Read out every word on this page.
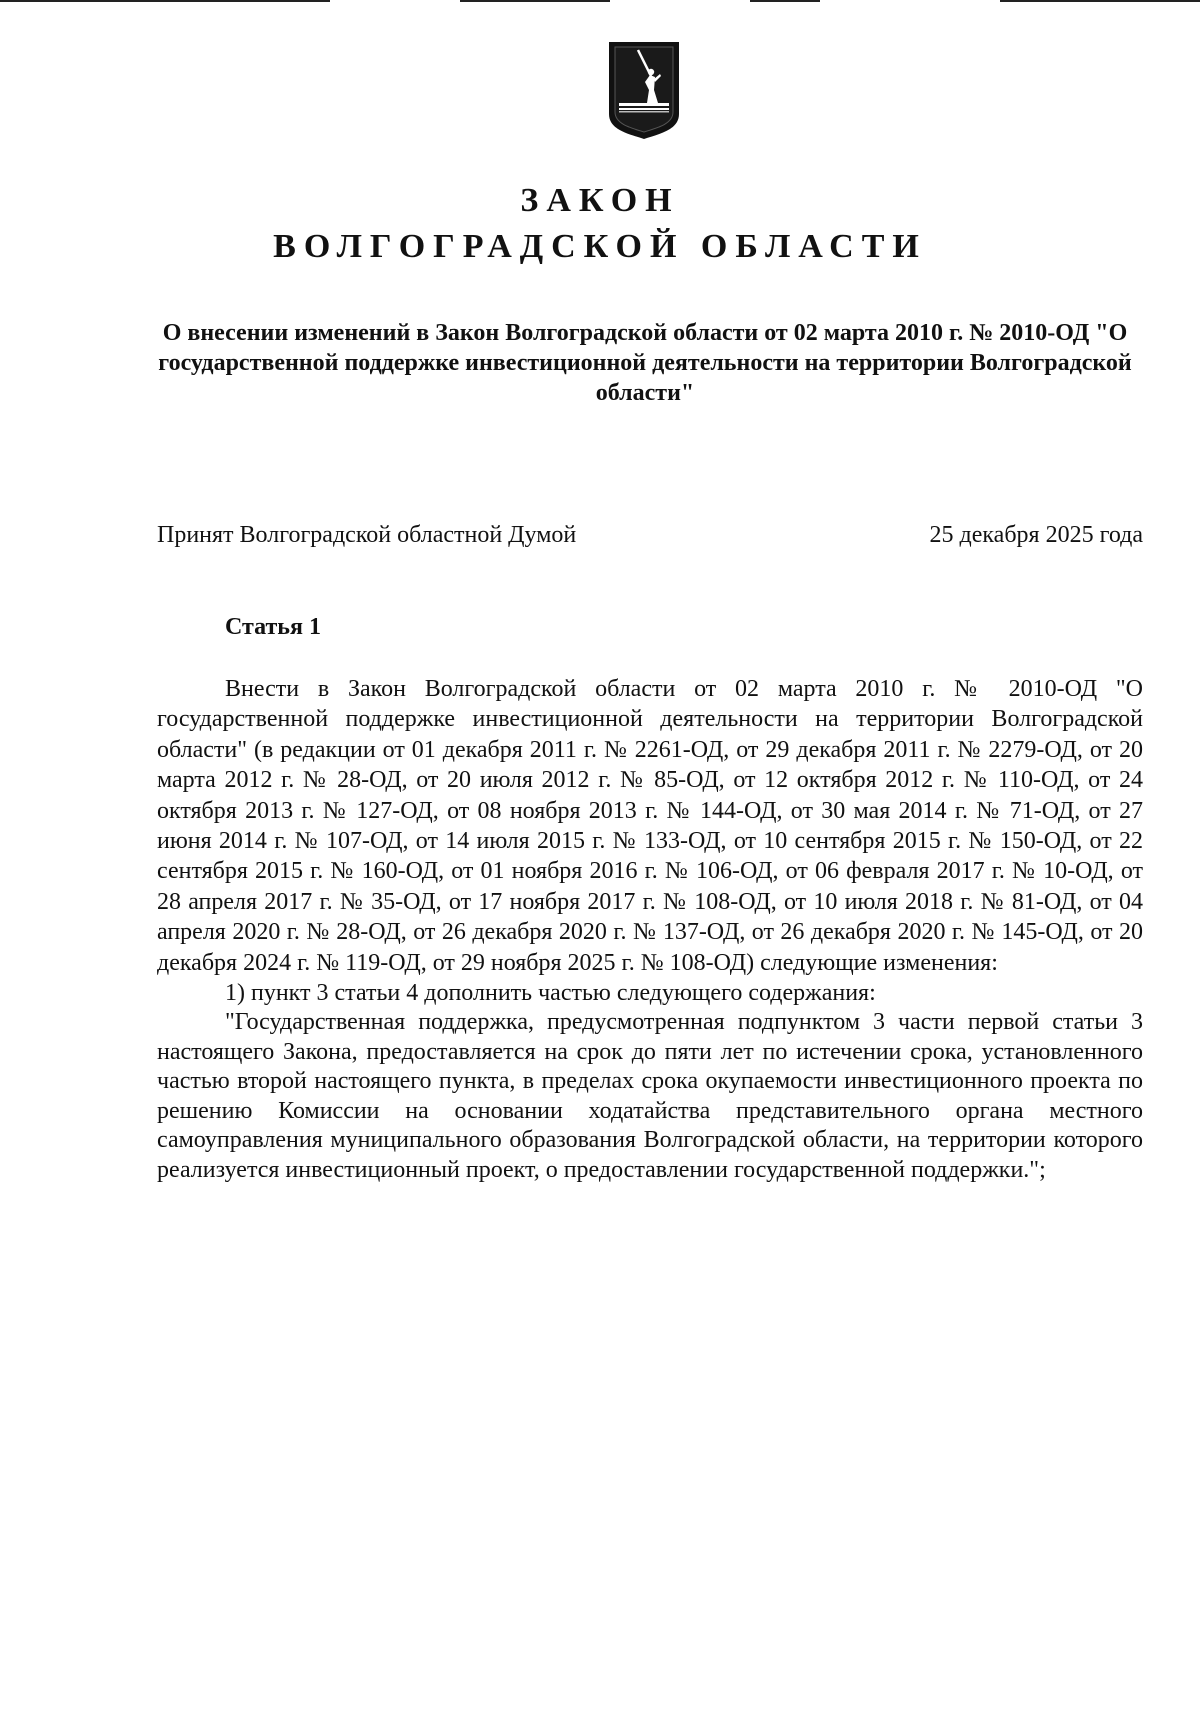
ЗАКОН
ВОЛГОГРАДСКОЙ ОБЛАСТИ
О внесении изменений в Закон Волгоградской области от 02 марта 2010 г. № 2010-ОД "О государственной поддержке инвестиционной деятельности на территории Волгоградской области"
Принят Волгоградской областной Думой	25 декабря 2025 года
Статья 1

Внести в Закон Волгоградской области от 02 марта 2010 г. № 2010-ОД "О государственной поддержке инвестиционной деятельности на территории Волгоградской области" (в редакции от 01 декабря 2011 г. № 2261-ОД, от 29 декабря 2011 г. № 2279-ОД, от 20 марта 2012 г. № 28-ОД, от 20 июля 2012 г. № 85-ОД, от 12 октября 2012 г. № 110-ОД, от 24 октября 2013 г. № 127-ОД, от 08 ноября 2013 г. № 144-ОД, от 30 мая 2014 г. № 71-ОД, от 27 июня 2014 г. № 107-ОД, от 14 июля 2015 г. № 133-ОД, от 10 сентября 2015 г. № 150-ОД, от 22 сентября 2015 г. № 160-ОД, от 01 ноября 2016 г. № 106-ОД, от 06 февраля 2017 г. № 10-ОД, от 28 апреля 2017 г. № 35-ОД, от 17 ноября 2017 г. № 108-ОД, от 10 июля 2018 г. № 81-ОД, от 04 апреля 2020 г. № 28-ОД, от 26 декабря 2020 г. № 137-ОД, от 26 декабря 2020 г. № 145-ОД, от 20 декабря 2024 г. № 119-ОД, от 29 ноября 2025 г. № 108-ОД) следующие изменения:

1) пункт 3 статьи 4 дополнить частью следующего содержания:

"Государственная поддержка, предусмотренная подпунктом 3 части первой статьи 3 настоящего Закона, предоставляется на срок до пяти лет по истечении срока, установленного частью второй настоящего пункта, в пределах срока окупаемости инвестиционного проекта по решению Комиссии на основании ходатайства представительного органа местного самоуправления муниципального образования Волгоградской области, на территории которого реализуется инвестиционный проект, о предоставлении государственной поддержки.";
